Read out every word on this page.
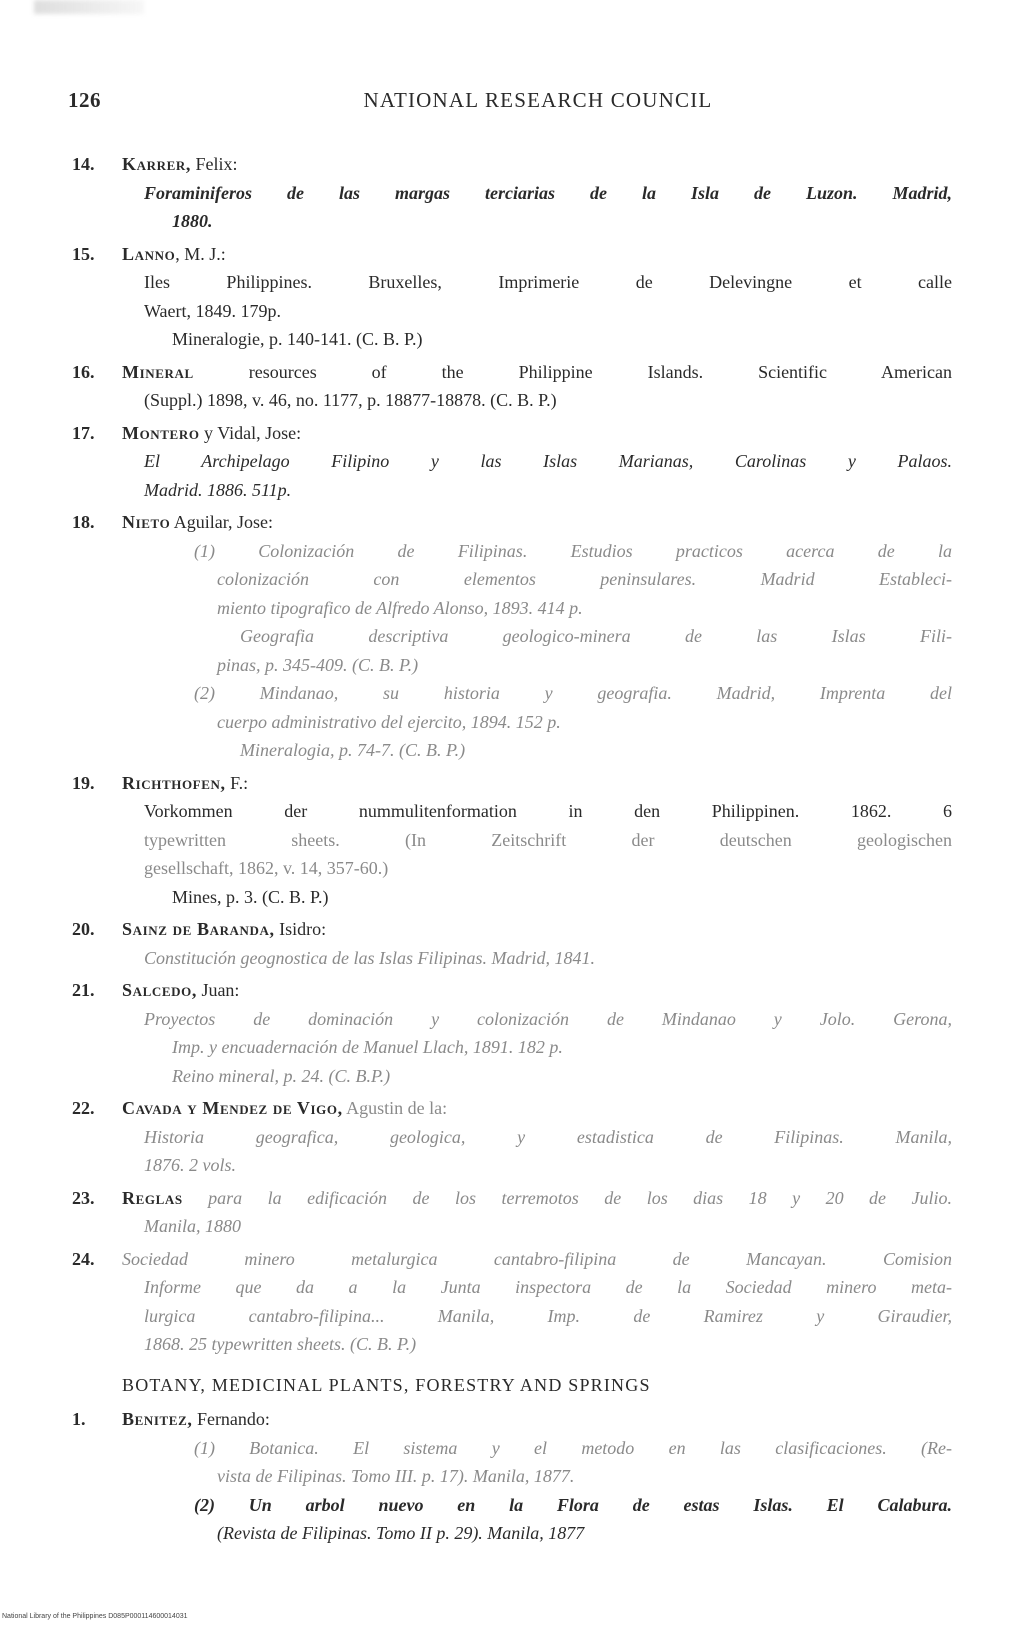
126	NATIONAL RESEARCH COUNCIL
14.	Karrer, Felix:
Foraminiferos de las margas terciarias de la Isla de Luzon. Madrid,
1880.
15.	Lanno, M. J.:
Iles Philippines. Bruxelles, Imprimerie de Delevingne et calle
Waert, 1849. 179p.
Mineralogie, p. 140-141. (C. B. P.)
16.	Mineral resources of the Philippine Islands. Scientific American
(Suppl.) 1898, v. 46, no. 1177, p. 18877-18878. (C. B. P.)
17.	Montero y Vidal, Jose:
El Archipelago Filipino y las Islas Marianas, Carolinas y Palaos.
Madrid. 1886. 511p.
18.	Nieto Aguilar, Jose:
(1) Colonización de Filipinas. Estudios practicos acerca de la
colonización con elementos peninsulares. Madrid Estableci-
miento tipografico de Alfredo Alonso, 1893. 414 p.
Geografia descriptiva geologico-minera de las Islas Fili-
pinas, p. 345-409. (C. B. P.)
(2) Mindanao, su historia y geografia. Madrid, Imprenta del
cuerpo administrativo del ejercito, 1894. 152 p.
Mineralogia, p. 74-7. (C. B. P.)
19.	Richthofen, F.:
Vorkommen der nummulitenformation in den Philippinen. 1862. 6
typewritten sheets. (In Zeitschrift der deutschen geologischen
gesellschaft, 1862, v. 14, 357-60.)
Mines, p. 3. (C. B. P.)
20.	Sainz de Baranda, Isidro:
Constitución geognostica de las Islas Filipinas. Madrid, 1841.
21.	Salcedo, Juan:
Proyectos de dominación y colonización de Mindanao y Jolo. Gerona,
Imp. y encuadernación de Manuel Llach, 1891. 182 p.
Reino mineral, p. 24. (C. B.P.)
22.	Cavada y Mendez de Vigo, Agustin de la:
Historia geografica, geologica, y estadistica de Filipinas. Manila,
1876. 2 vols.
23.	Reglas para la edificación de los terremotos de los dias 18 y 20 de Julio.
Manila, 1880
24.	Sociedad minero metalurgica cantabro-filipina de Mancayan. Comision
Informe que da a la Junta inspectora de la Sociedad minero meta-
lurgica cantabro-filipina... Manila, Imp. de Ramirez y Giraudier,
1868. 25 typewritten sheets. (C. B. P.)
BOTANY, MEDICINAL PLANTS, FORESTRY AND SPRINGS
1.	Benitez, Fernando:
(1) Botanica. El sistema y el metodo en las clasificaciones. (Re-
vista de Filipinas. Tomo III. p. 17). Manila, 1877.
(2) Un arbol nuevo en la Flora de estas Islas. El Calabura.
(Revista de Filipinas. Tomo II p. 29). Manila, 1877
National Library of the Philippines D085P000114600014031
